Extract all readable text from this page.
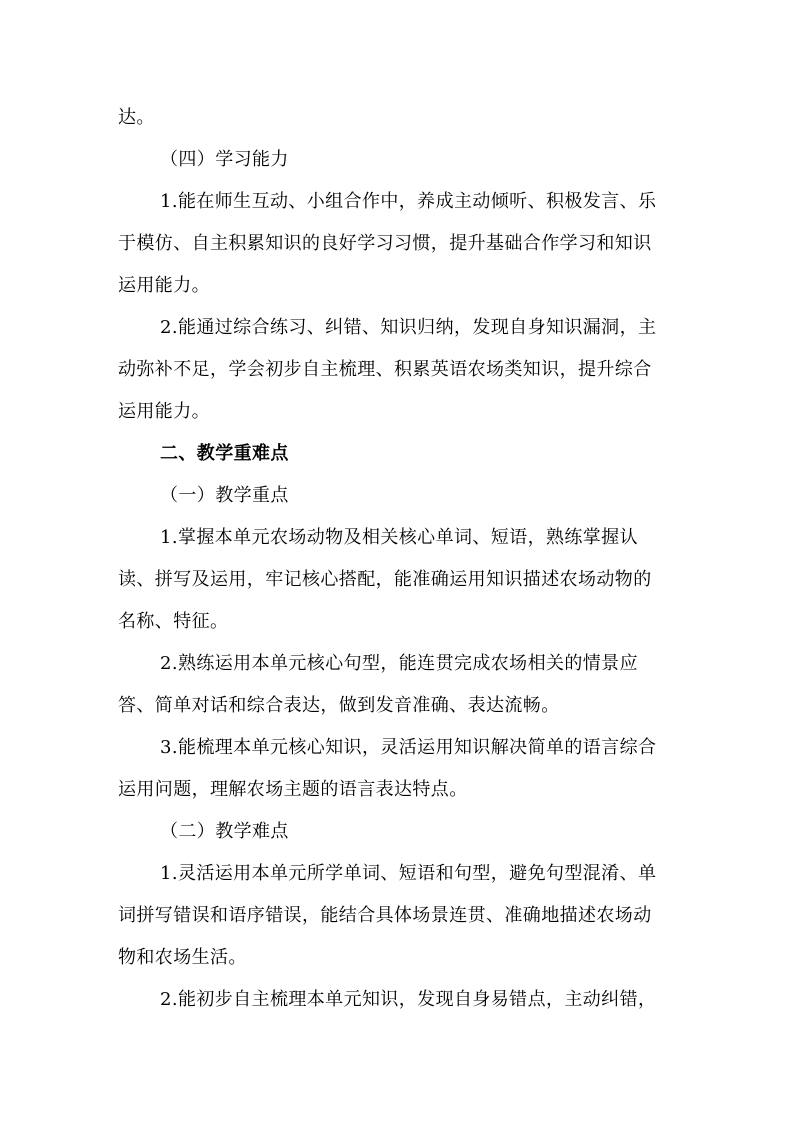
达。
（四）学习能力
1.能在师生互动、小组合作中，养成主动倾听、积极发言、乐
于模仿、自主积累知识的良好学习习惯，提升基础合作学习和知识
运用能力。
2.能通过综合练习、纠错、知识归纳，发现自身知识漏洞，主
动弥补不足，学会初步自主梳理、积累英语农场类知识，提升综合
运用能力。
二、教学重难点
（一）教学重点
1.掌握本单元农场动物及相关核心单词、短语，熟练掌握认
读、拼写及运用，牢记核心搭配，能准确运用知识描述农场动物的
名称、特征。
2.熟练运用本单元核心句型，能连贯完成农场相关的情景应
答、简单对话和综合表达，做到发音准确、表达流畅。
3.能梳理本单元核心知识，灵活运用知识解决简单的语言综合
运用问题，理解农场主题的语言表达特点。
（二）教学难点
1.灵活运用本单元所学单词、短语和句型，避免句型混淆、单
词拼写错误和语序错误，能结合具体场景连贯、准确地描述农场动
物和农场生活。
2.能初步自主梳理本单元知识，发现自身易错点，主动纠错，
